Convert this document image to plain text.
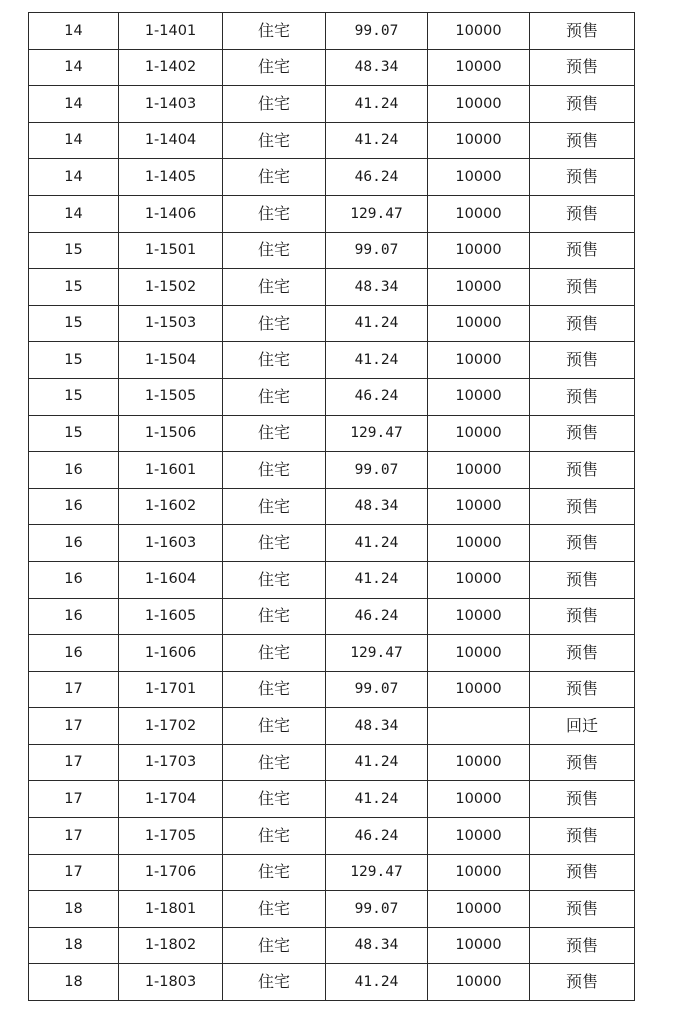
14	1-1401	住宅	99.07	10000	预售
14	1-1402	住宅	48.34	10000	预售
14	1-1403	住宅	41.24	10000	预售
14	1-1404	住宅	41.24	10000	预售
14	1-1405	住宅	46.24	10000	预售
14	1-1406	住宅	129.47	10000	预售
15	1-1501	住宅	99.07	10000	预售
15	1-1502	住宅	48.34	10000	预售
15	1-1503	住宅	41.24	10000	预售
15	1-1504	住宅	41.24	10000	预售
15	1-1505	住宅	46.24	10000	预售
15	1-1506	住宅	129.47	10000	预售
16	1-1601	住宅	99.07	10000	预售
16	1-1602	住宅	48.34	10000	预售
16	1-1603	住宅	41.24	10000	预售
16	1-1604	住宅	41.24	10000	预售
16	1-1605	住宅	46.24	10000	预售
16	1-1606	住宅	129.47	10000	预售
17	1-1701	住宅	99.07	10000	预售
17	1-1702	住宅	48.34		回迁
17	1-1703	住宅	41.24	10000	预售
17	1-1704	住宅	41.24	10000	预售
17	1-1705	住宅	46.24	10000	预售
17	1-1706	住宅	129.47	10000	预售
18	1-1801	住宅	99.07	10000	预售
18	1-1802	住宅	48.34	10000	预售
18	1-1803	住宅	41.24	10000	预售
